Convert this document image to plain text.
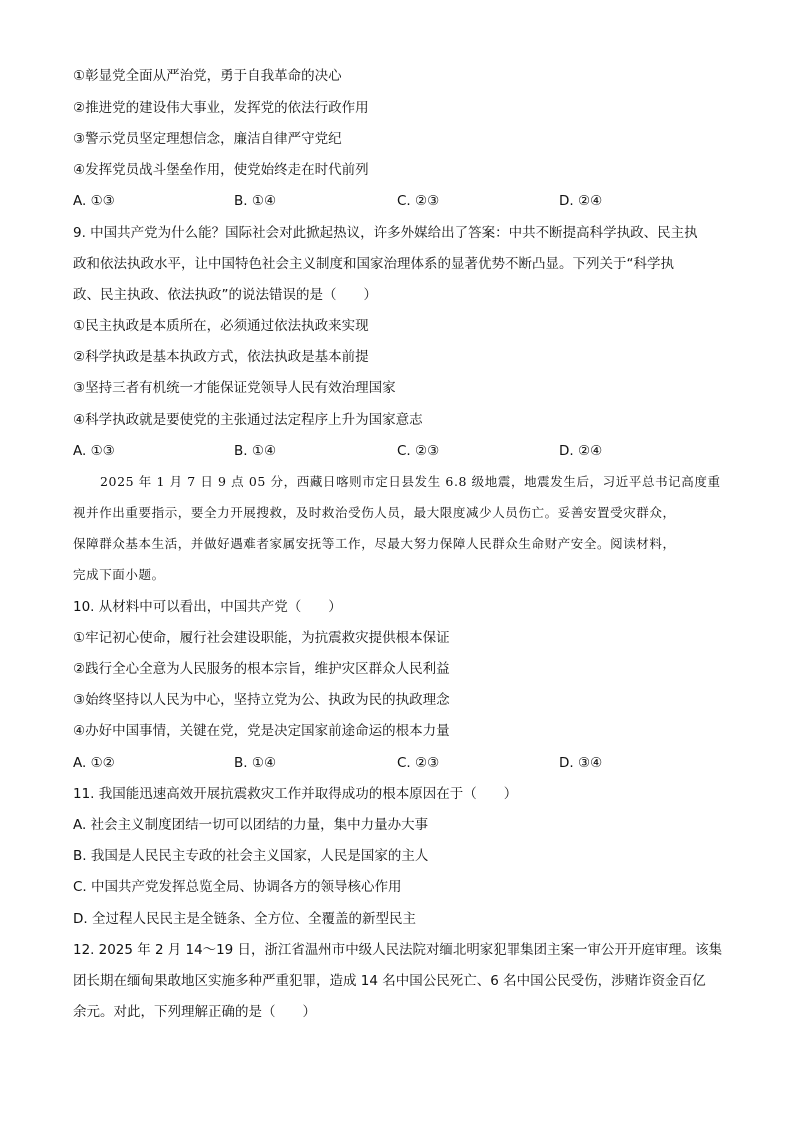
①彰显党全面从严治党，勇于自我革命的决心
②推进党的建设伟大事业，发挥党的依法行政作用
③警示党员坚定理想信念，廉洁自律严守党纪
④发挥党员战斗堡垒作用，使党始终走在时代前列
A. ①③	B. ①④	C. ②③	D. ②④
9. 中国共产党为什么能？国际社会对此掀起热议，许多外媒给出了答案：中共不断提高科学执政、民主执
政和依法执政水平，让中国特色社会主义制度和国家治理体系的显著优势不断凸显。下列关于“科学执
政、民主执政、依法执政”的说法错误的是（　　）
①民主执政是本质所在，必须通过依法执政来实现
②科学执政是基本执政方式，依法执政是基本前提
③坚持三者有机统一才能保证党领导人民有效治理国家
④科学执政就是要使党的主张通过法定程序上升为国家意志
A. ①③	B. ①④	C. ②③	D. ②④
2025 年 1 月 7 日 9 点 05 分，西藏日喀则市定日县发生 6.8 级地震，地震发生后，习近平总书记高度重
视并作出重要指示，要全力开展搜救，及时救治受伤人员，最大限度减少人员伤亡。妥善安置受灾群众，
保障群众基本生活，并做好遇难者家属安抚等工作，尽最大努力保障人民群众生命财产安全。阅读材料，
完成下面小题。
10. 从材料中可以看出，中国共产党（　　）
①牢记初心使命，履行社会建设职能，为抗震救灾提供根本保证
②践行全心全意为人民服务的根本宗旨，维护灾区群众人民利益
③始终坚持以人民为中心，坚持立党为公、执政为民的执政理念
④办好中国事情，关键在党，党是决定国家前途命运的根本力量
A. ①②	B. ①④	C. ②③	D. ③④
11. 我国能迅速高效开展抗震救灾工作并取得成功的根本原因在于（　　）
A. 社会主义制度团结一切可以团结的力量，集中力量办大事
B. 我国是人民民主专政的社会主义国家，人民是国家的主人
C. 中国共产党发挥总览全局、协调各方的领导核心作用
D. 全过程人民民主是全链条、全方位、全覆盖的新型民主
12. 2025 年 2 月 14～19 日，浙江省温州市中级人民法院对缅北明家犯罪集团主案一审公开开庭审理。该集
团长期在缅甸果敢地区实施多种严重犯罪，造成 14 名中国公民死亡、6 名中国公民受伤，涉赌诈资金百亿
余元。对此，下列理解正确的是（　　）
